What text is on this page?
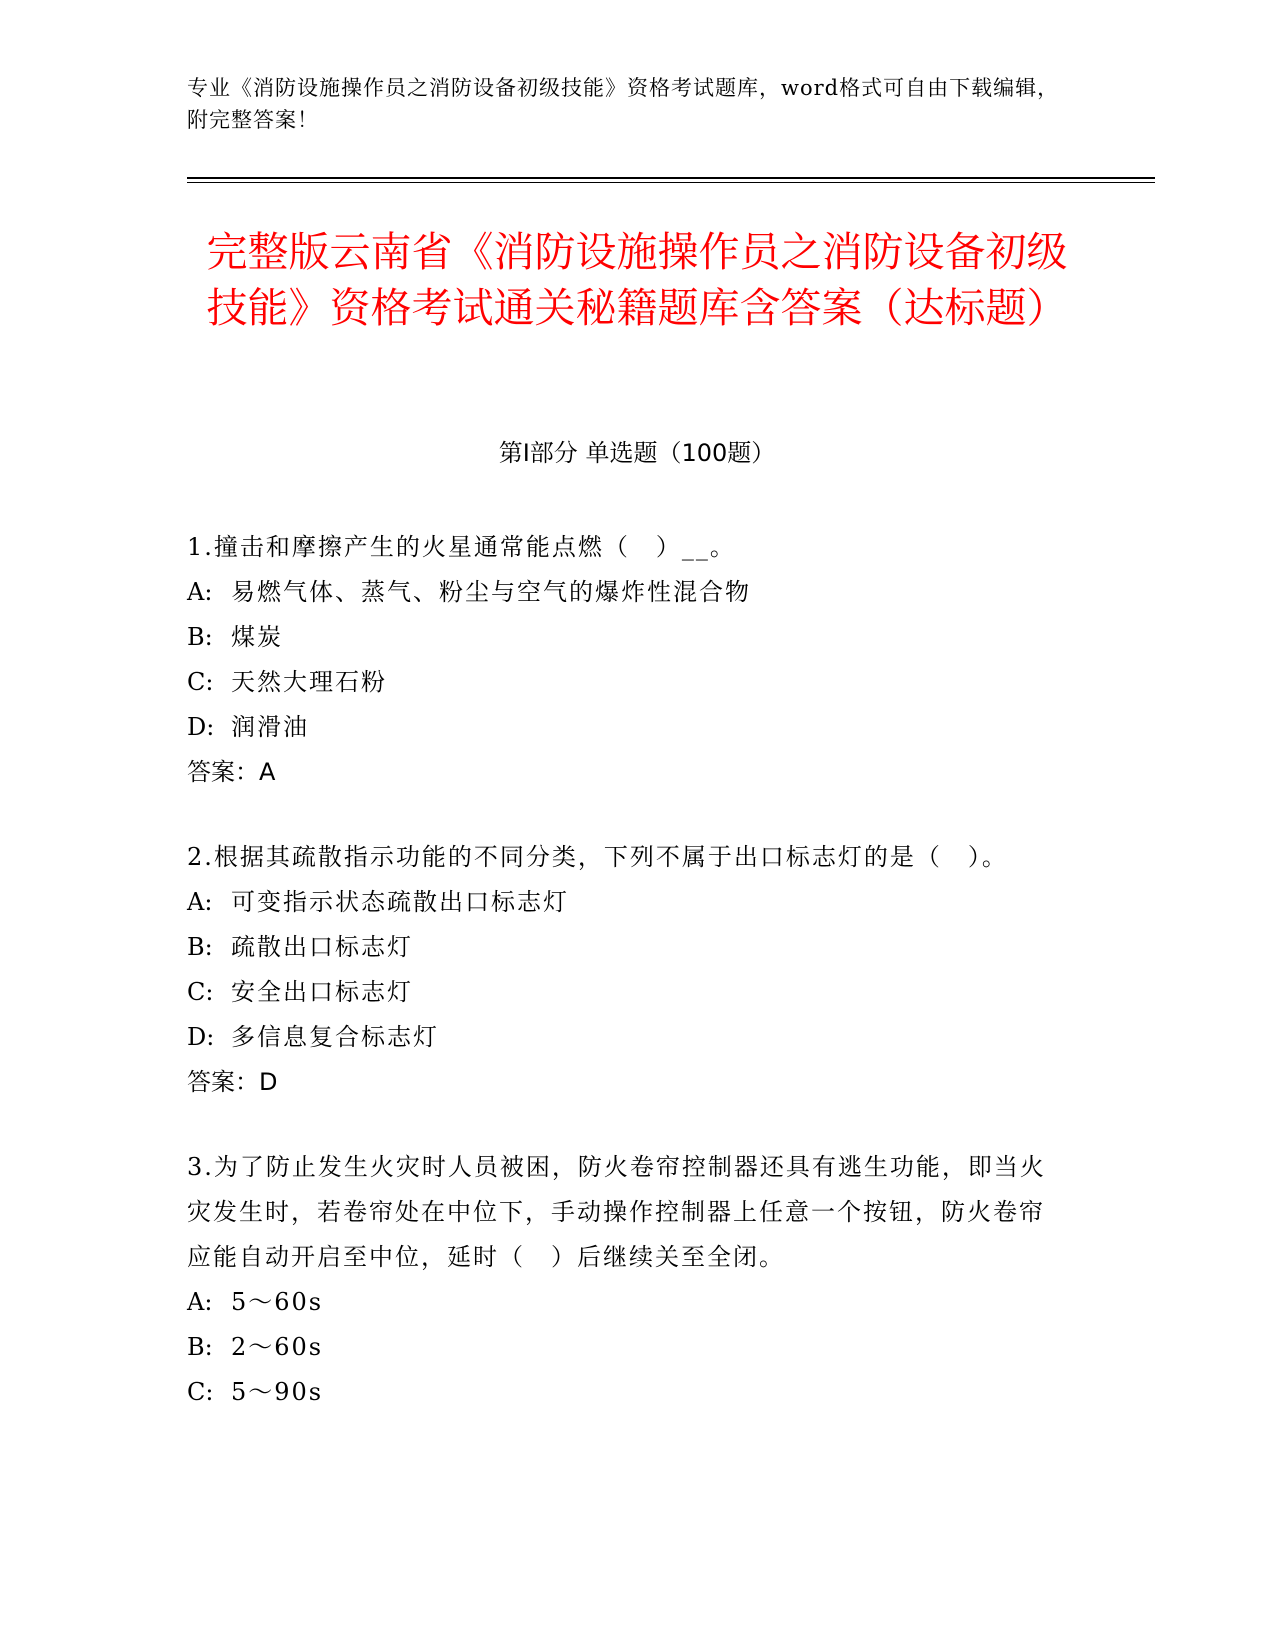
专业《消防设施操作员之消防设备初级技能》资格考试题库，word格式可自由下载编辑，附完整答案！
完整版云南省《消防设施操作员之消防设备初级技能》资格考试通关秘籍题库含答案（达标题）
第Ⅰ部分 单选题（100题）
1.撞击和摩擦产生的火星通常能点燃（　）__。
A: 易燃气体、蒸气、粉尘与空气的爆炸性混合物
B: 煤炭
C: 天然大理石粉
D: 润滑油
答案：A
2.根据其疏散指示功能的不同分类，下列不属于出口标志灯的是（　）。
A: 可变指示状态疏散出口标志灯
B: 疏散出口标志灯
C: 安全出口标志灯
D: 多信息复合标志灯
答案：D
3.为了防止发生火灾时人员被困，防火卷帘控制器还具有逃生功能，即当火灾发生时，若卷帘处在中位下，手动操作控制器上任意一个按钮，防火卷帘应能自动开启至中位，延时（　）后继续关至全闭。
A: 5～60s
B: 2～60s
C: 5～90s
